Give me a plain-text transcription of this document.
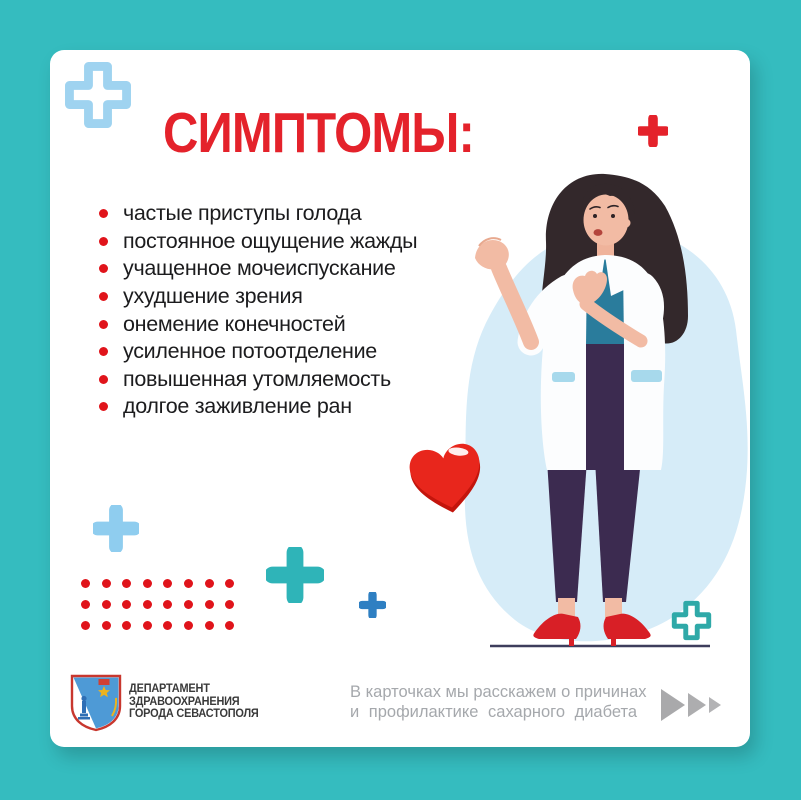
СИМПТОМЫ:
частые приступы голода
постоянное ощущение жажды
учащенное мочеиспускание
ухудшение зрения
онемение конечностей
усиленное потоотделение
повышенная утомляемость
долгое заживление ран
ДЕПАРТАМЕНТ
ЗДРАВООХРАНЕНИЯ
ГОРОДА СЕВАСТОПОЛЯ
В карточках мы расскажем о причинах
и профилактике сахарного диабета
